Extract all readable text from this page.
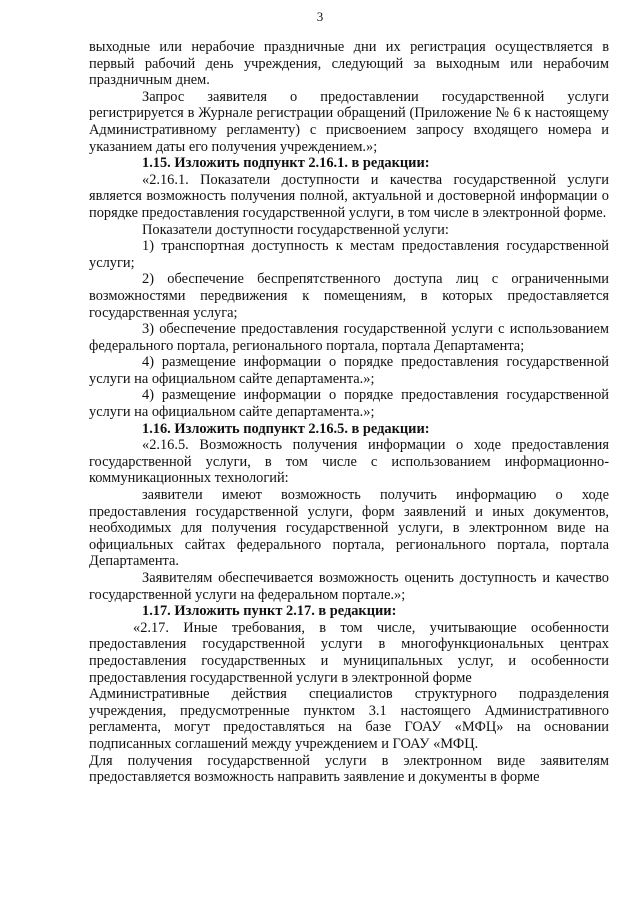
3

выходные или нерабочие праздничные дни их регистрация осуществляется в первый рабочий день учреждения, следующий за выходным или нерабочим праздничным днем.

Запрос заявителя о предоставлении государственной услуги регистрируется в Журнале регистрации обращений (Приложение № 6 к настоящему Административному регламенту) с присвоением запросу входящего номера и указанием даты его получения учреждением.»;

1.15. Изложить подпункт 2.16.1. в редакции:

«2.16.1. Показатели доступности и качества государственной услуги является возможность получения полной, актуальной и достоверной информации о порядке предоставления государственной услуги, в том числе в электронной форме.

Показатели доступности государственной услуги:

1) транспортная доступность к местам предоставления государственной услуги;

2) обеспечение беспрепятственного доступа лиц с ограниченными возможностями передвижения к помещениям, в которых предоставляется государственная услуга;

3) обеспечение предоставления государственной услуги с использованием федерального портала, регионального портала, портала Департамента;

4) размещение информации о порядке предоставления государственной услуги на официальном сайте департамента.»;

4) размещение информации о порядке предоставления государственной услуги на официальном сайте департамента.»;

1.16. Изложить подпункт 2.16.5. в редакции:

«2.16.5. Возможность получения информации о ходе предоставления государственной услуги, в том числе с использованием информационно-коммуникационных технологий:

заявители имеют возможность получить информацию о ходе предоставления государственной услуги, форм заявлений и иных документов, необходимых для получения государственной услуги, в электронном виде на официальных сайтах федерального портала, регионального портала, портала Департамента.

Заявителям обеспечивается возможность оценить доступность и качество государственной услуги на федеральном портале.»;

1.17. Изложить пункт 2.17. в редакции:

«2.17. Иные требования, в том числе, учитывающие особенности предоставления государственной услуги в многофункциональных центрах предоставления государственных и муниципальных услуг, и особенности предоставления государственной услуги в электронной форме

Административные действия специалистов структурного подразделения учреждения, предусмотренные пунктом 3.1 настоящего Административного регламента, могут предоставляться на базе ГОАУ «МФЦ» на основании подписанных соглашений между учреждением и ГОАУ «МФЦ.

Для получения государственной услуги в электронном виде заявителям предоставляется возможность направить заявление и документы в форме
